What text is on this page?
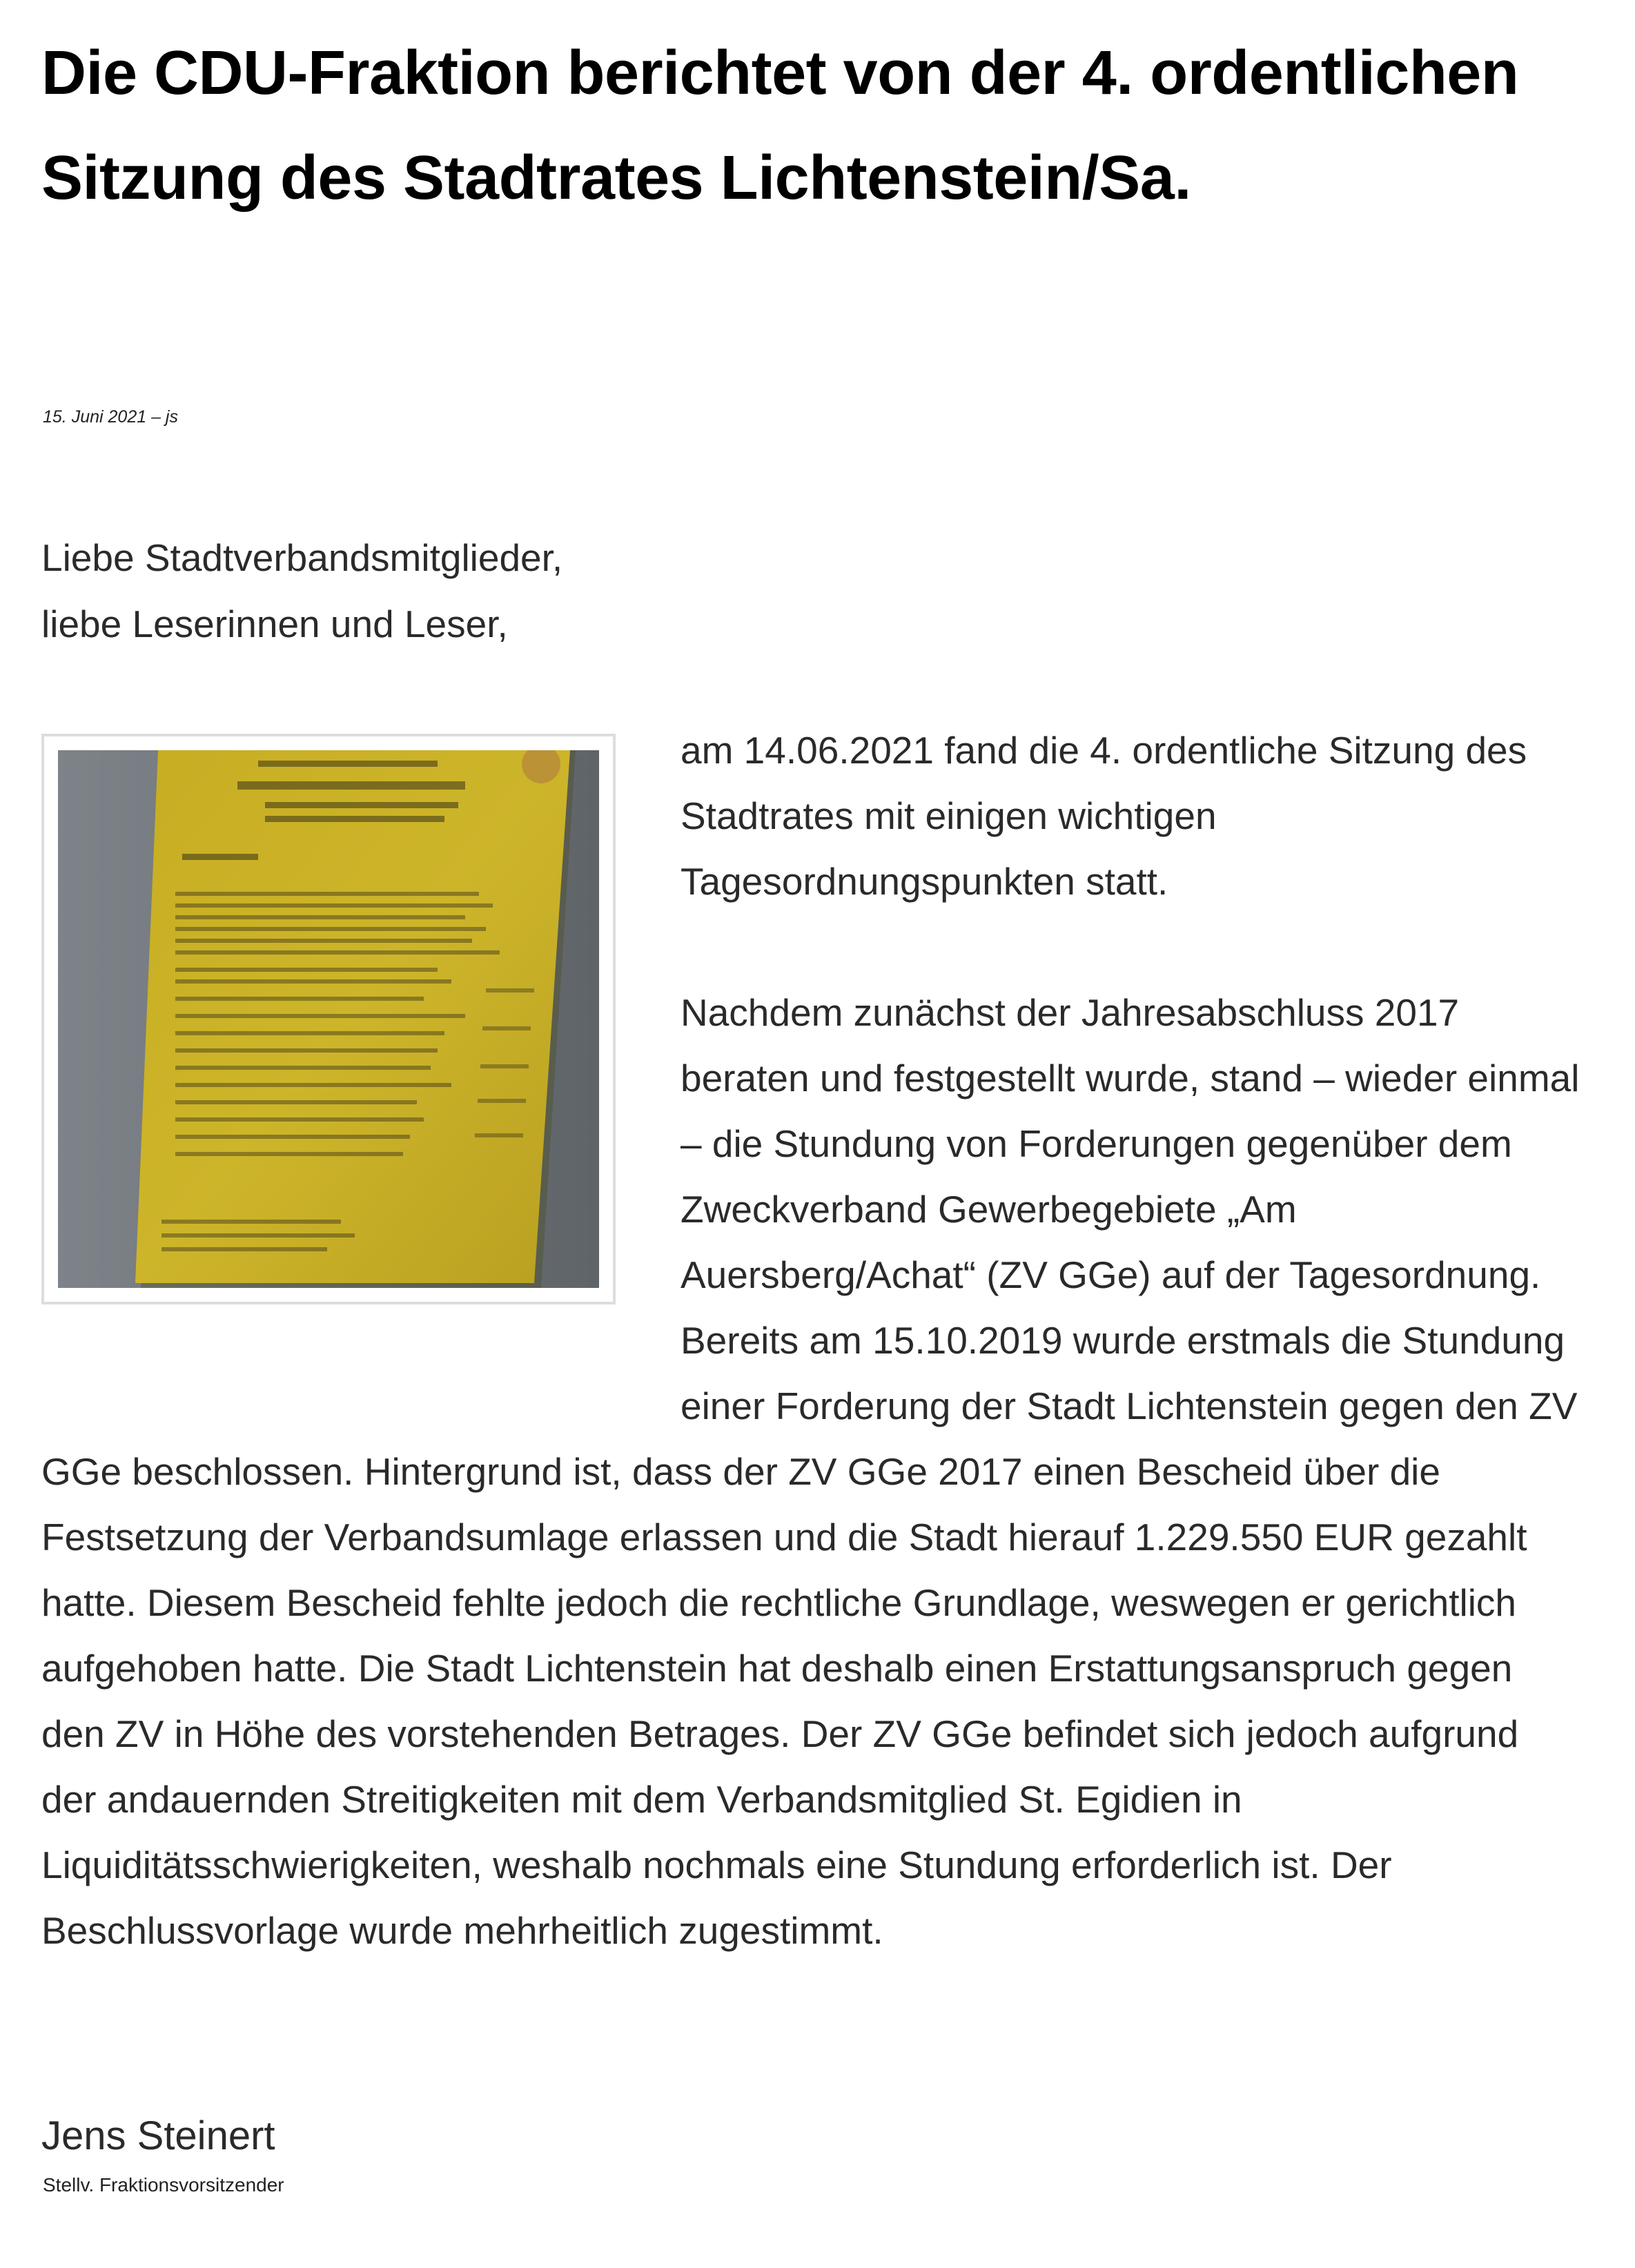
Die CDU-Fraktion berichtet von der 4. ordentlichen Sitzung des Stadtrates Lichtenstein/Sa.
15. Juni 2021 – js
Liebe Stadtverbandsmitglieder,
liebe Leserinnen und Leser,

am 14.06.2021 fand die 4. ordentliche Sitzung des Stadtrates mit einigen wichtigen Tagesordnungspunkten statt.

Nachdem zunächst der Jahresabschluss 2017 beraten und festgestellt wurde, stand – wieder einmal – die Stundung von Forderungen gegenüber dem Zweckverband Gewerbegebiete „Am Auersberg/Achat“ (ZV GGe) auf der Tagesordnung. Bereits am 15.10.2019 wurde erstmals die Stundung einer Forderung der Stadt Lichtenstein gegen den ZV GGe beschlossen. Hintergrund ist, dass der ZV GGe 2017 einen Bescheid über die Festsetzung der Verbandsumlage erlassen und die Stadt hierauf 1.229.550 EUR gezahlt hatte. Diesem Bescheid fehlte jedoch die rechtliche Grundlage, weswegen er gerichtlich aufgehoben hatte. Die Stadt Lichtenstein hat deshalb einen Erstattungsanspruch gegen den ZV in Höhe des vorstehenden Betrages. Der ZV GGe befindet sich jedoch aufgrund der andauernden Streitigkeiten mit dem Verbandsmitglied St. Egidien in Liquiditätsschwierigkeiten, weshalb nochmals eine Stundung erforderlich ist. Der Beschlussvorlage wurde mehrheitlich zugestimmt.

Jens Steinert
Stellv. Fraktionsvorsitzender
